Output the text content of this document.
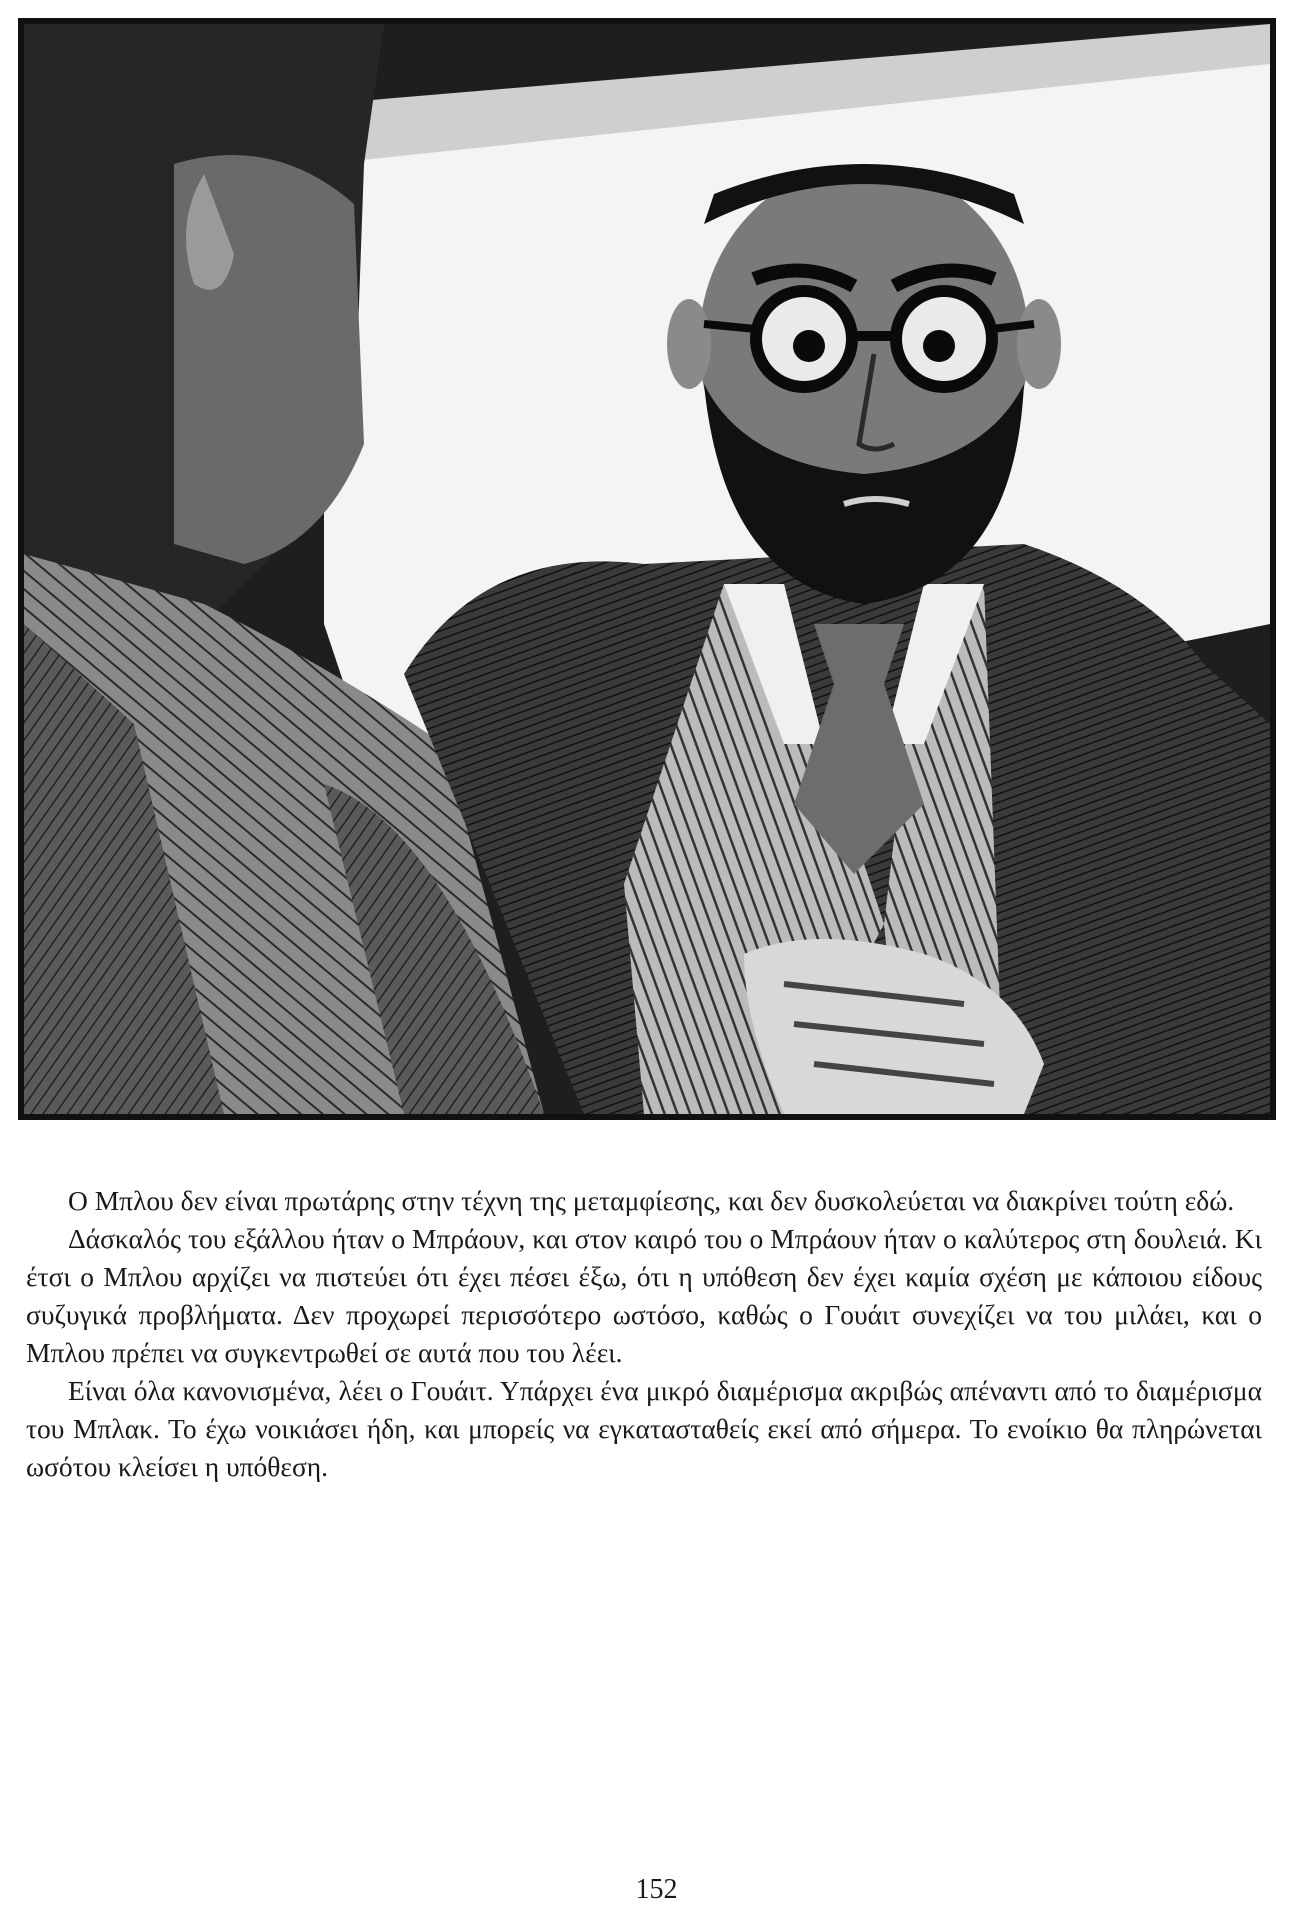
Ο Μπλου δεν είναι πρωτάρης στην τέχνη της μεταμφίεσης, και δεν δυσκολεύεται να διακρίνει τούτη εδώ.

Δάσκαλός του εξάλλου ήταν ο Μπράουν, και στον καιρό του ο Μπράουν ήταν ο καλύτερος στη δουλειά. Κι έτσι ο Μπλου αρχίζει να πιστεύει ότι έχει πέσει έξω, ότι η υπόθεση δεν έχει καμία σχέση με κάποιου είδους συζυγικά προβλήματα. Δεν προχωρεί περισσότερο ωστόσο, καθώς ο Γουάιτ συνεχίζει να του μιλάει, και ο Μπλου πρέπει να συγκεντρωθεί σε αυτά που του λέει.

Είναι όλα κανονισμένα, λέει ο Γουάιτ. Υπάρχει ένα μικρό διαμέρισμα ακριβώς απέναντι από το διαμέρισμα του Μπλακ. Το έχω νοικιάσει ήδη, και μπορείς να εγκατασταθείς εκεί από σήμερα. Το ενοίκιο θα πληρώνεται ωσότου κλείσει η υπόθεση.

152
